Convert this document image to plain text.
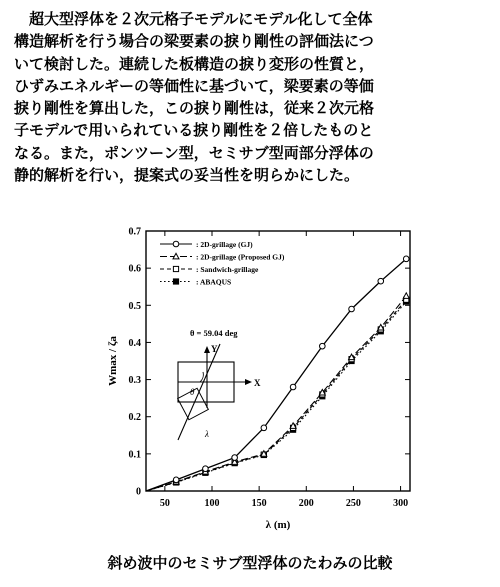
超大型浮体を２次元格子モデルにモデル化して全体
構造解析を行う場合の梁要素の捩り剛性の評価法につ
いて検討した。連続した板構造の捩り変形の性質と，
ひずみエネルギーの等価性に基づいて，梁要素の等価
捩り剛性を算出した，この捩り剛性は，従来２次元格
子モデルで用いられている捩り剛性を２倍したものと
なる。また，ポンツーン型，セミサブ型両部分浮体の
静的解析を行い，提案式の妥当性を明らかにした。
0
0.1
0.2
0.3
0.4
0.5
0.6
0.7
50	100	150	200	250	300
λ (m)
Wmax / ζa
: 2D-grillage (GJ)
: 2D-grillage (Proposed GJ)
: Sandwich-grillage
: ABAQUS
θ = 59.04 deg
Y
X
θ
λ
斜め波中のセミサブ型浮体のたわみの比較
